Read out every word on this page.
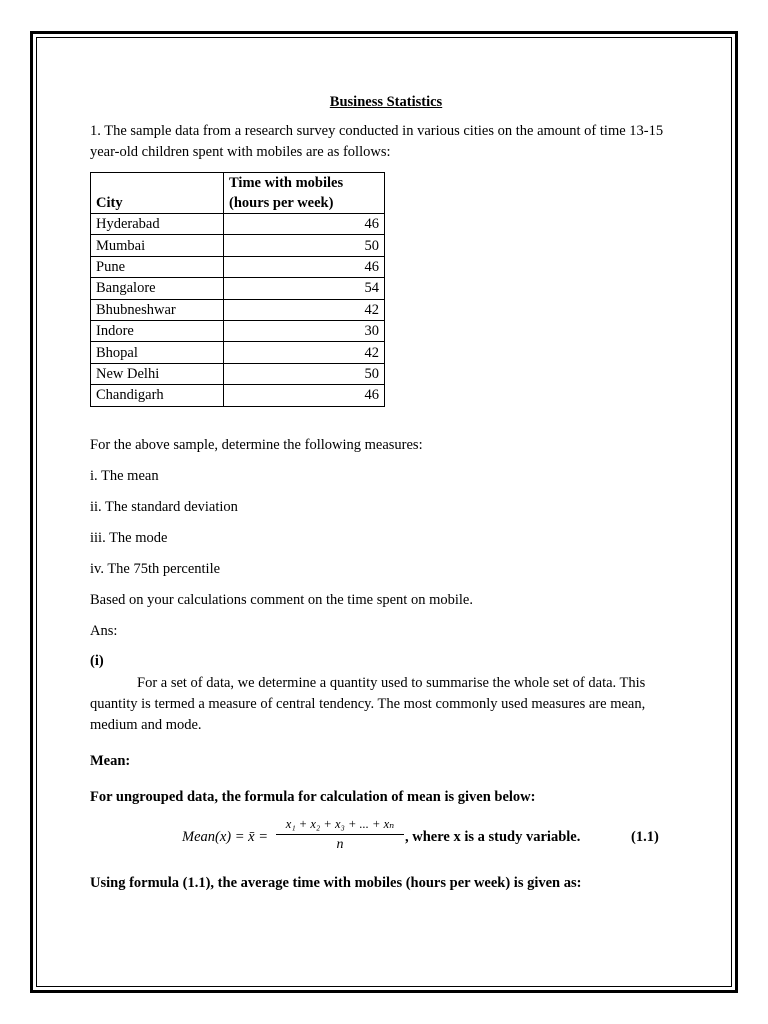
Business Statistics

1. The sample data from a research survey conducted in various cities on the amount of time 13-15 year-old children spent with mobiles are as follows:

City	Time with mobiles
(hours per week)
Hyderabad	46
Mumbai	50
Pune	46
Bangalore	54
Bhubneshwar	42
Indore	30
Bhopal	42
New Delhi	50
Chandigarh	46

For the above sample, determine the following measures:

i. The mean

ii. The standard deviation

iii. The mode

iv. The 75th percentile

Based on your calculations comment on the time spent on mobile.

Ans:

(i)

For a set of data, we determine a quantity used to summarise the whole set of data. This quantity is termed a measure of central tendency. The most commonly used measures are mean, medium and mode.

Mean:

For ungrouped data, the formula for calculation of mean is given below:

Mean(x) = x̄ = $\frac{\text{x₁ + x₂ + x₃ + ... + xₙ}}{n}$ , where x is a study variable.	(1.1)

Using formula (1.1), the average time with mobiles (hours per week) is given as:
